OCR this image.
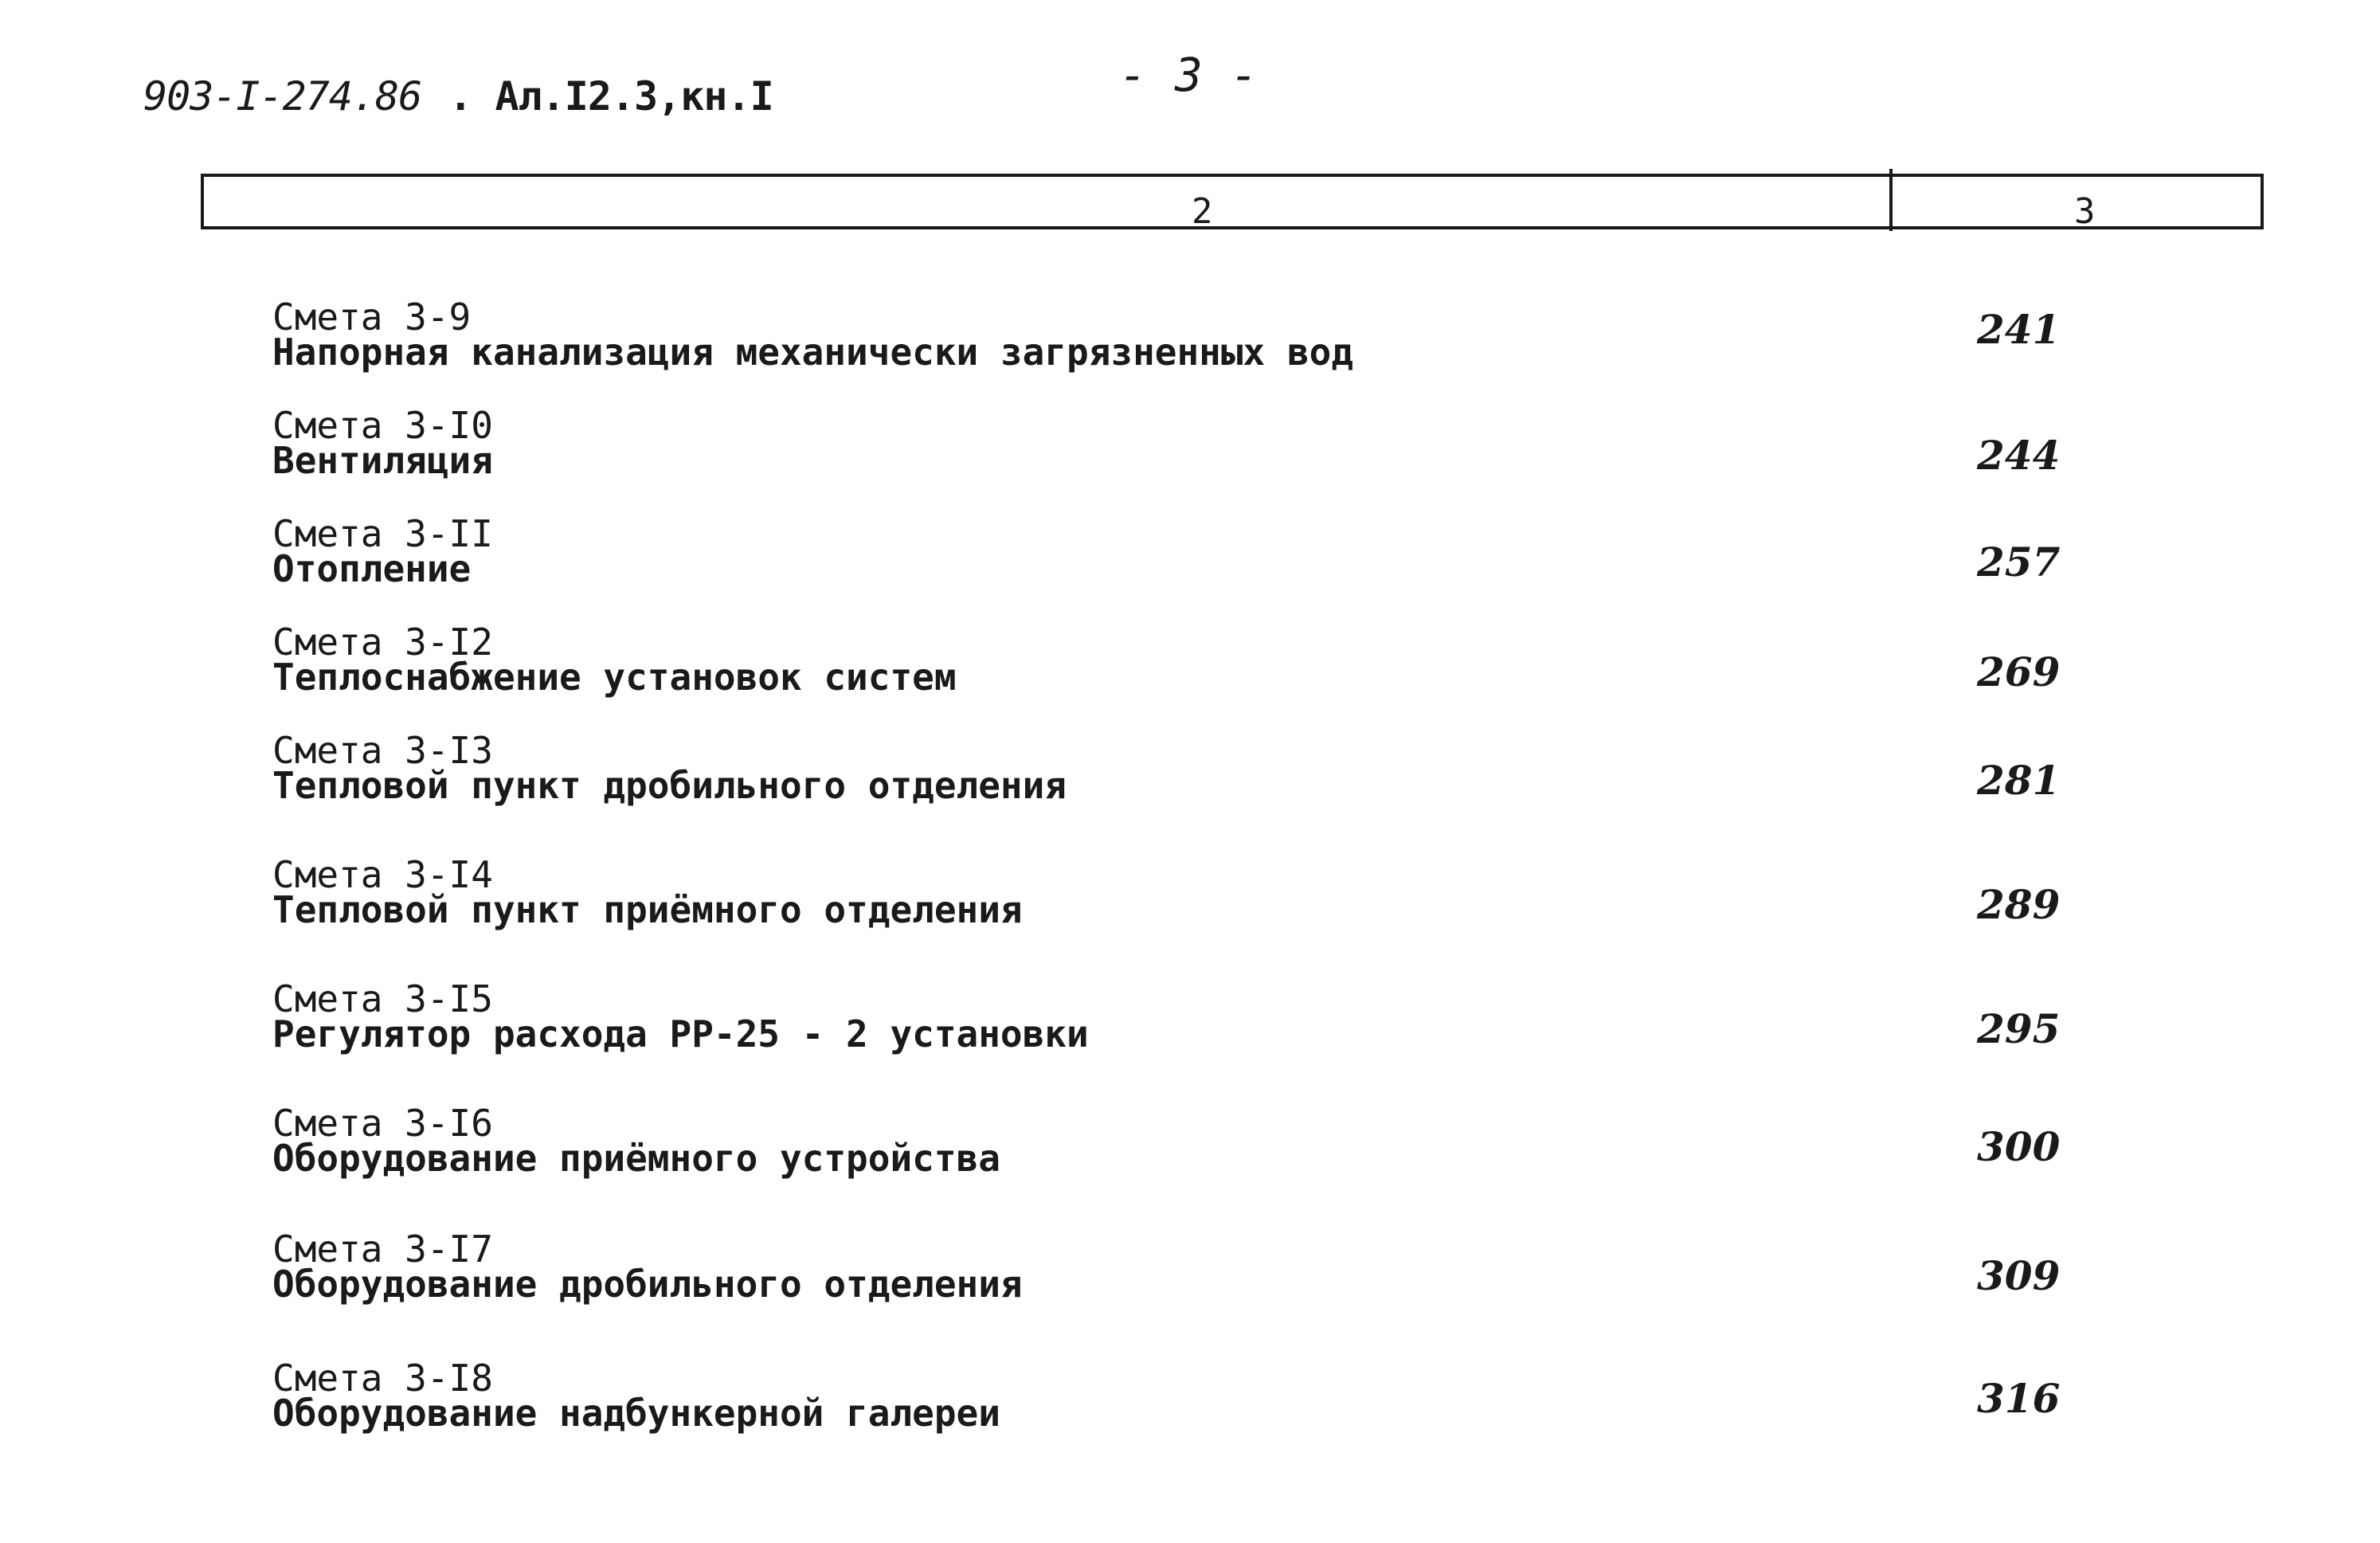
903-I-274.86 . Ал.I2.3,кн.I	- 3 -
2	3
Смета 3-9
Напорная канализация механически загрязненных вод	241
Смета 3-I0
Вентиляция	244
Смета 3-II
Отопление	257
Смета 3-I2
Теплоснабжение установок систем	269
Смета 3-I3
Тепловой пункт дробильного отделения	281
Смета 3-I4
Тепловой пункт приёмного отделения	289
Смета 3-I5
Регулятор расхода РР-25 - 2 установки	295
Смета 3-I6
Оборудование приёмного устройства	300
Смета 3-I7
Оборудование дробильного отделения	309
Смета 3-I8
Оборудование надбункерной галереи	316
